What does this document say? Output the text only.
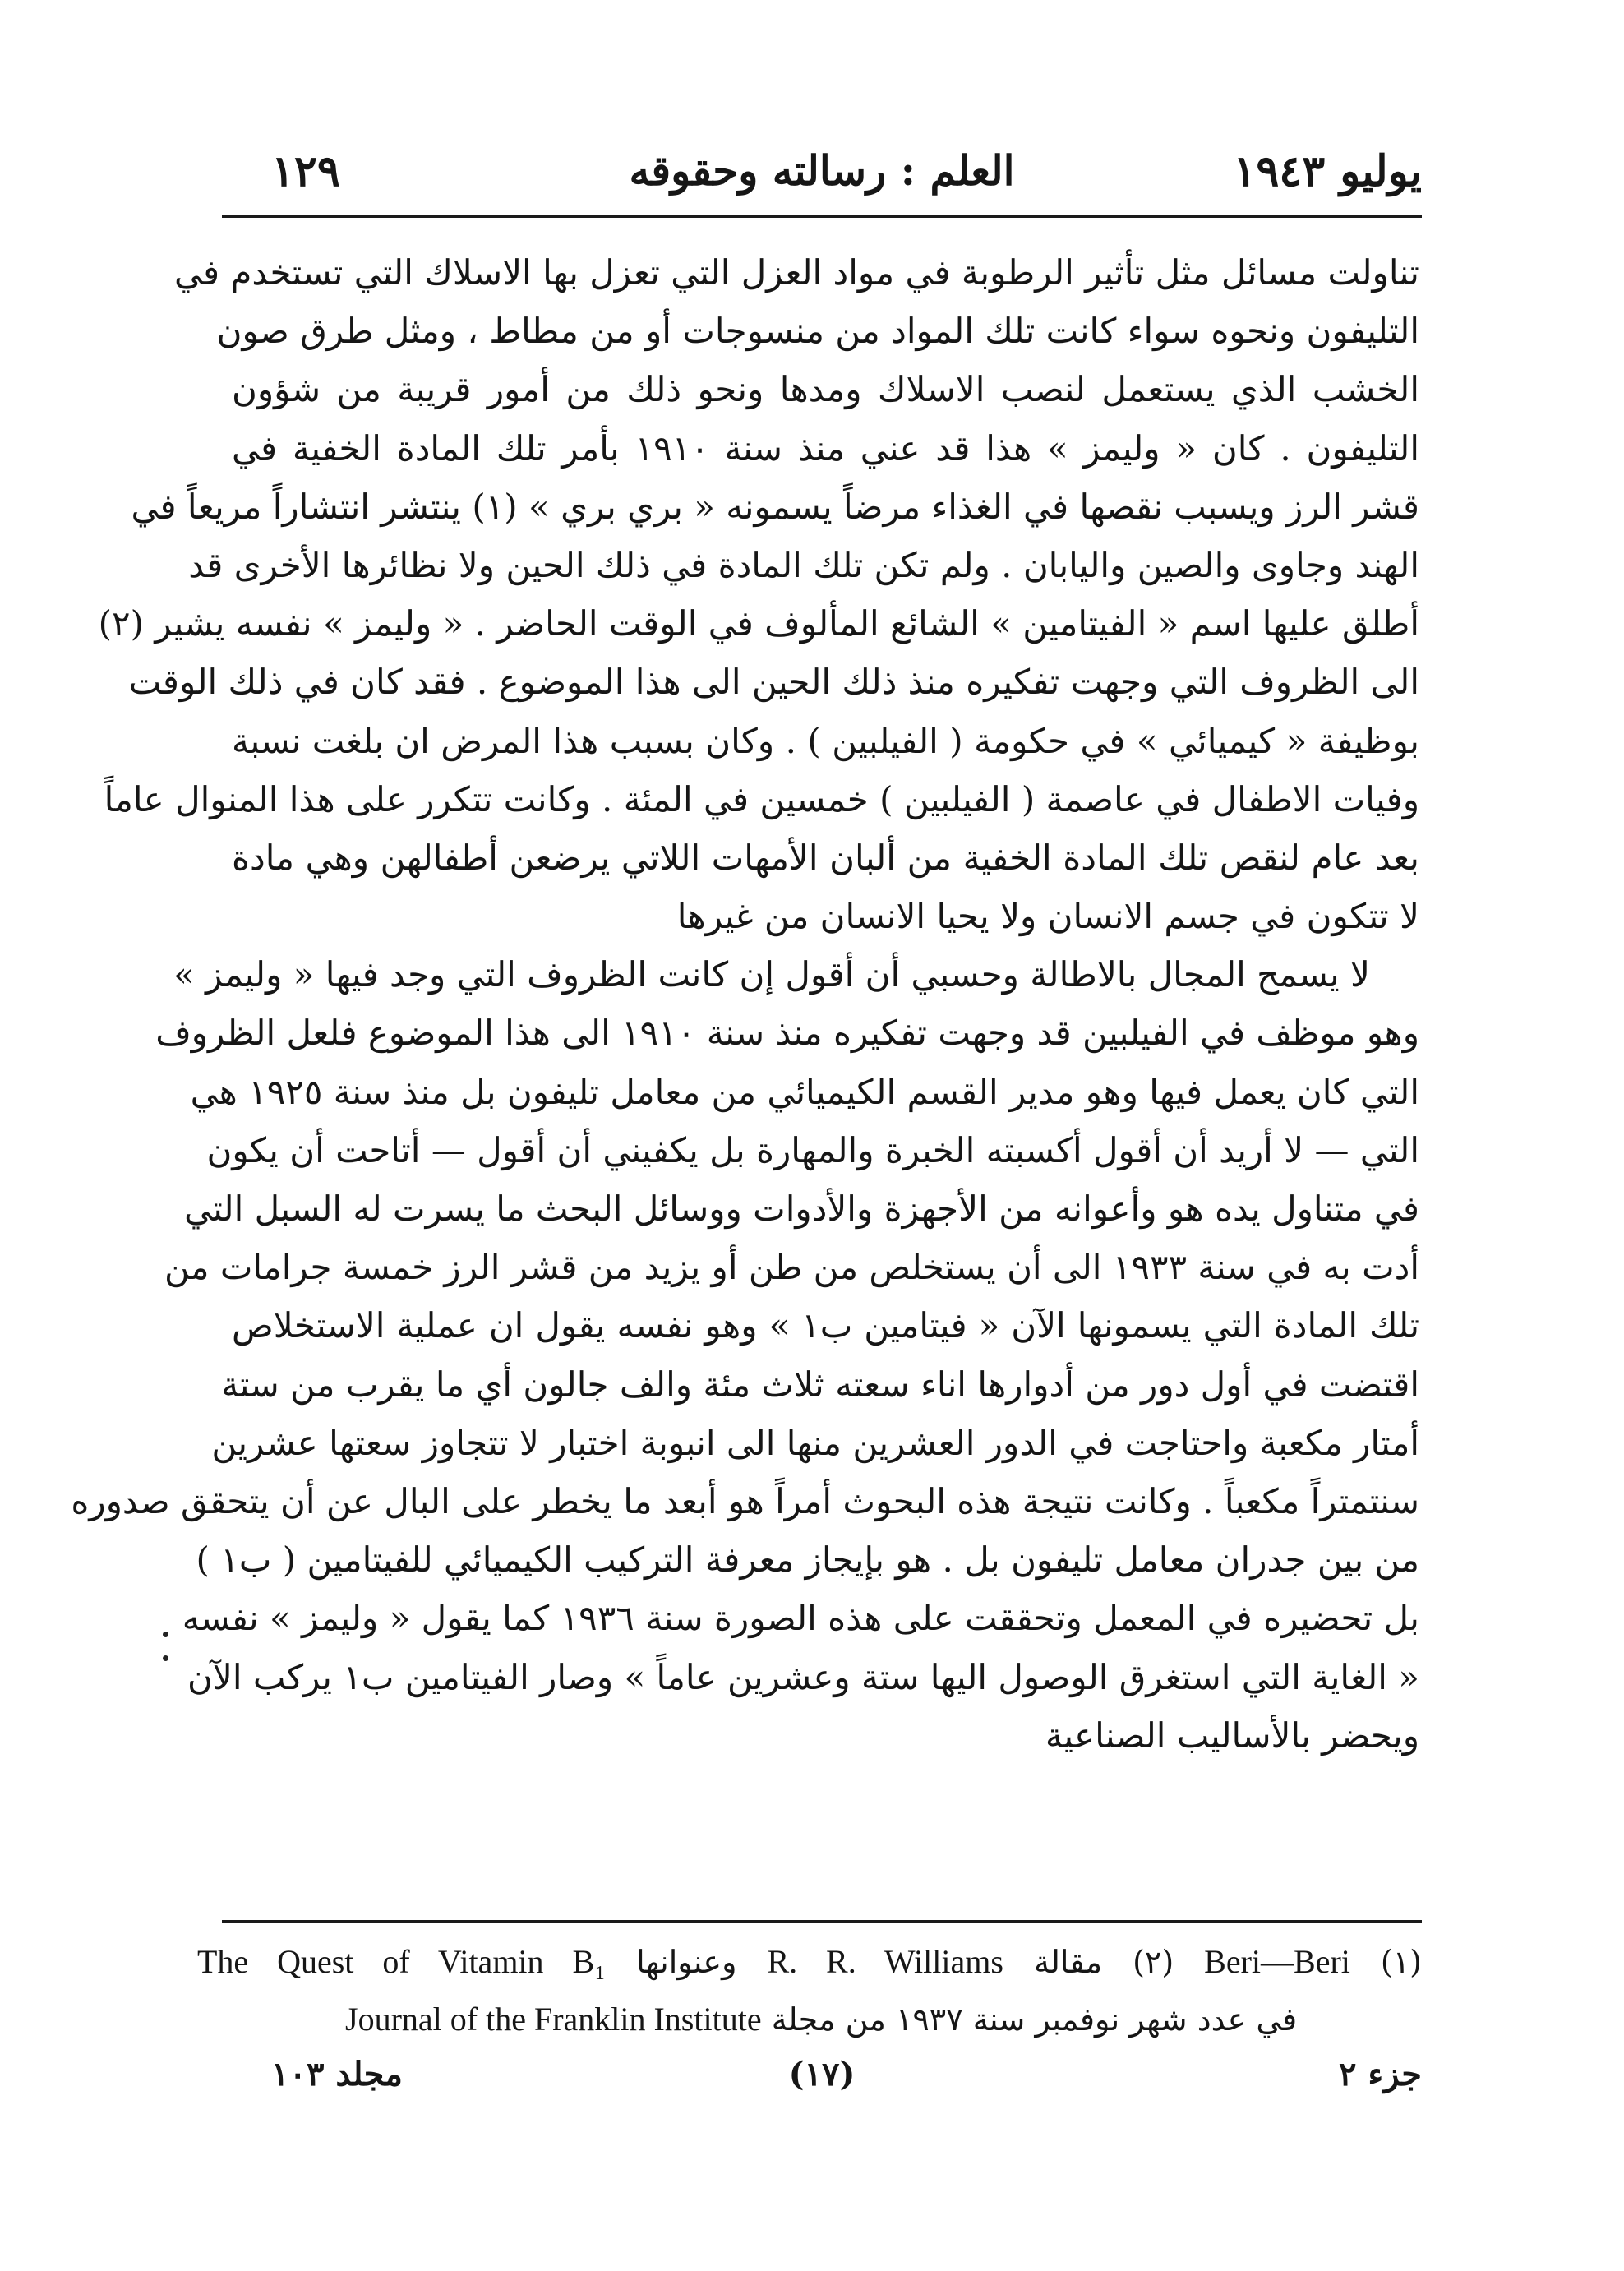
يوليو ١٩٤٣
العلم : رسالته وحقوقه
١٢٩
تناولت مسائل مثل تأثير الرطوبة في مواد العزل التي تعزل بها الاسلاك التي تستخدم في
التليفون ونحوه سواء كانت تلك المواد من منسوجات أو من مطاط ، ومثل طرق صون
الخشب الذي يستعمل لنصب الاسلاك ومدها ونحو ذلك من أمور قريبة من شؤون
التليفون . كان « وليمز » هذا قد عني منذ سنة ١٩١٠ بأمر تلك المادة الخفية في
قشر الرز ويسبب نقصها في الغذاء مرضاً يسمونه « بري بري » (١) ينتشر انتشاراً مريعاً في
الهند وجاوى والصين واليابان . ولم تكن تلك المادة في ذلك الحين ولا نظائرها الأخرى قد
أطلق عليها اسم « الفيتامين » الشائع المألوف في الوقت الحاضر . « وليمز » نفسه يشير (٢)
الى الظروف التي وجهت تفكيره منذ ذلك الحين الى هذا الموضوع . فقد كان في ذلك الوقت
بوظيفة « كيميائي » في حكومة ( الفيلبين ) . وكان بسبب هذا المرض ان بلغت نسبة
وفيات الاطفال في عاصمة ( الفيلبين ) خمسين في المئة . وكانت تتكرر على هذا المنوال عاماً
بعد عام لنقص تلك المادة الخفية من ألبان الأمهات اللاتي يرضعن أطفالهن وهي مادة
لا تتكون في جسم الانسان ولا يحيا الانسان من غيرها
لا يسمح المجال بالاطالة وحسبي أن أقول إن كانت الظروف التي وجد فيها « وليمز »
وهو موظف في الفيلبين قد وجهت تفكيره منذ سنة ١٩١٠ الى هذا الموضوع فلعل الظروف
التي كان يعمل فيها وهو مدير القسم الكيميائي من معامل تليفون بل منذ سنة ١٩٢٥ هي
التي — لا أريد أن أقول أكسبته الخبرة والمهارة بل يكفيني أن أقول — أتاحت أن يكون
في متناول يده هو وأعوانه من الأجهزة والأدوات ووسائل البحث ما يسرت له السبل التي
أدت به في سنة ١٩٣٣ الى أن يستخلص من طن أو يزيد من قشر الرز خمسة جرامات من
تلك المادة التي يسمونها الآن « فيتامين ب١ » وهو نفسه يقول ان عملية الاستخلاص
اقتضت في أول دور من أدوارها اناء سعته ثلاث مئة والف جالون أي ما يقرب من ستة
أمتار مكعبة واحتاجت في الدور العشرين منها الى انبوبة اختبار لا تتجاوز سعتها عشرين
سنتمتراً مكعباً . وكانت نتيجة هذه البحوث أمراً هو أبعد ما يخطر على البال عن أن يتحقق صدوره
من بين جدران معامل تليفون بل . هو بإيجاز معرفة التركيب الكيميائي للفيتامين ( ب١ )
بل تحضيره في المعمل وتحققت على هذه الصورة سنة ١٩٣٦ كما يقول « وليمز » نفسه
« الغاية التي استغرق الوصول اليها ستة وعشرين عاماً » وصار الفيتامين ب١ يركب الآن
ويحضر بالأساليب الصناعية
(١) Beri—Beri (٢) مقالة R. R. Williams وعنوانها The Quest of Vitamin B₁
في عدد شهر نوفمبر سنة ١٩٣٧ من مجلة Journal of the Franklin Institute
جزء ٢
(١٧)
مجلد ١٠٣
